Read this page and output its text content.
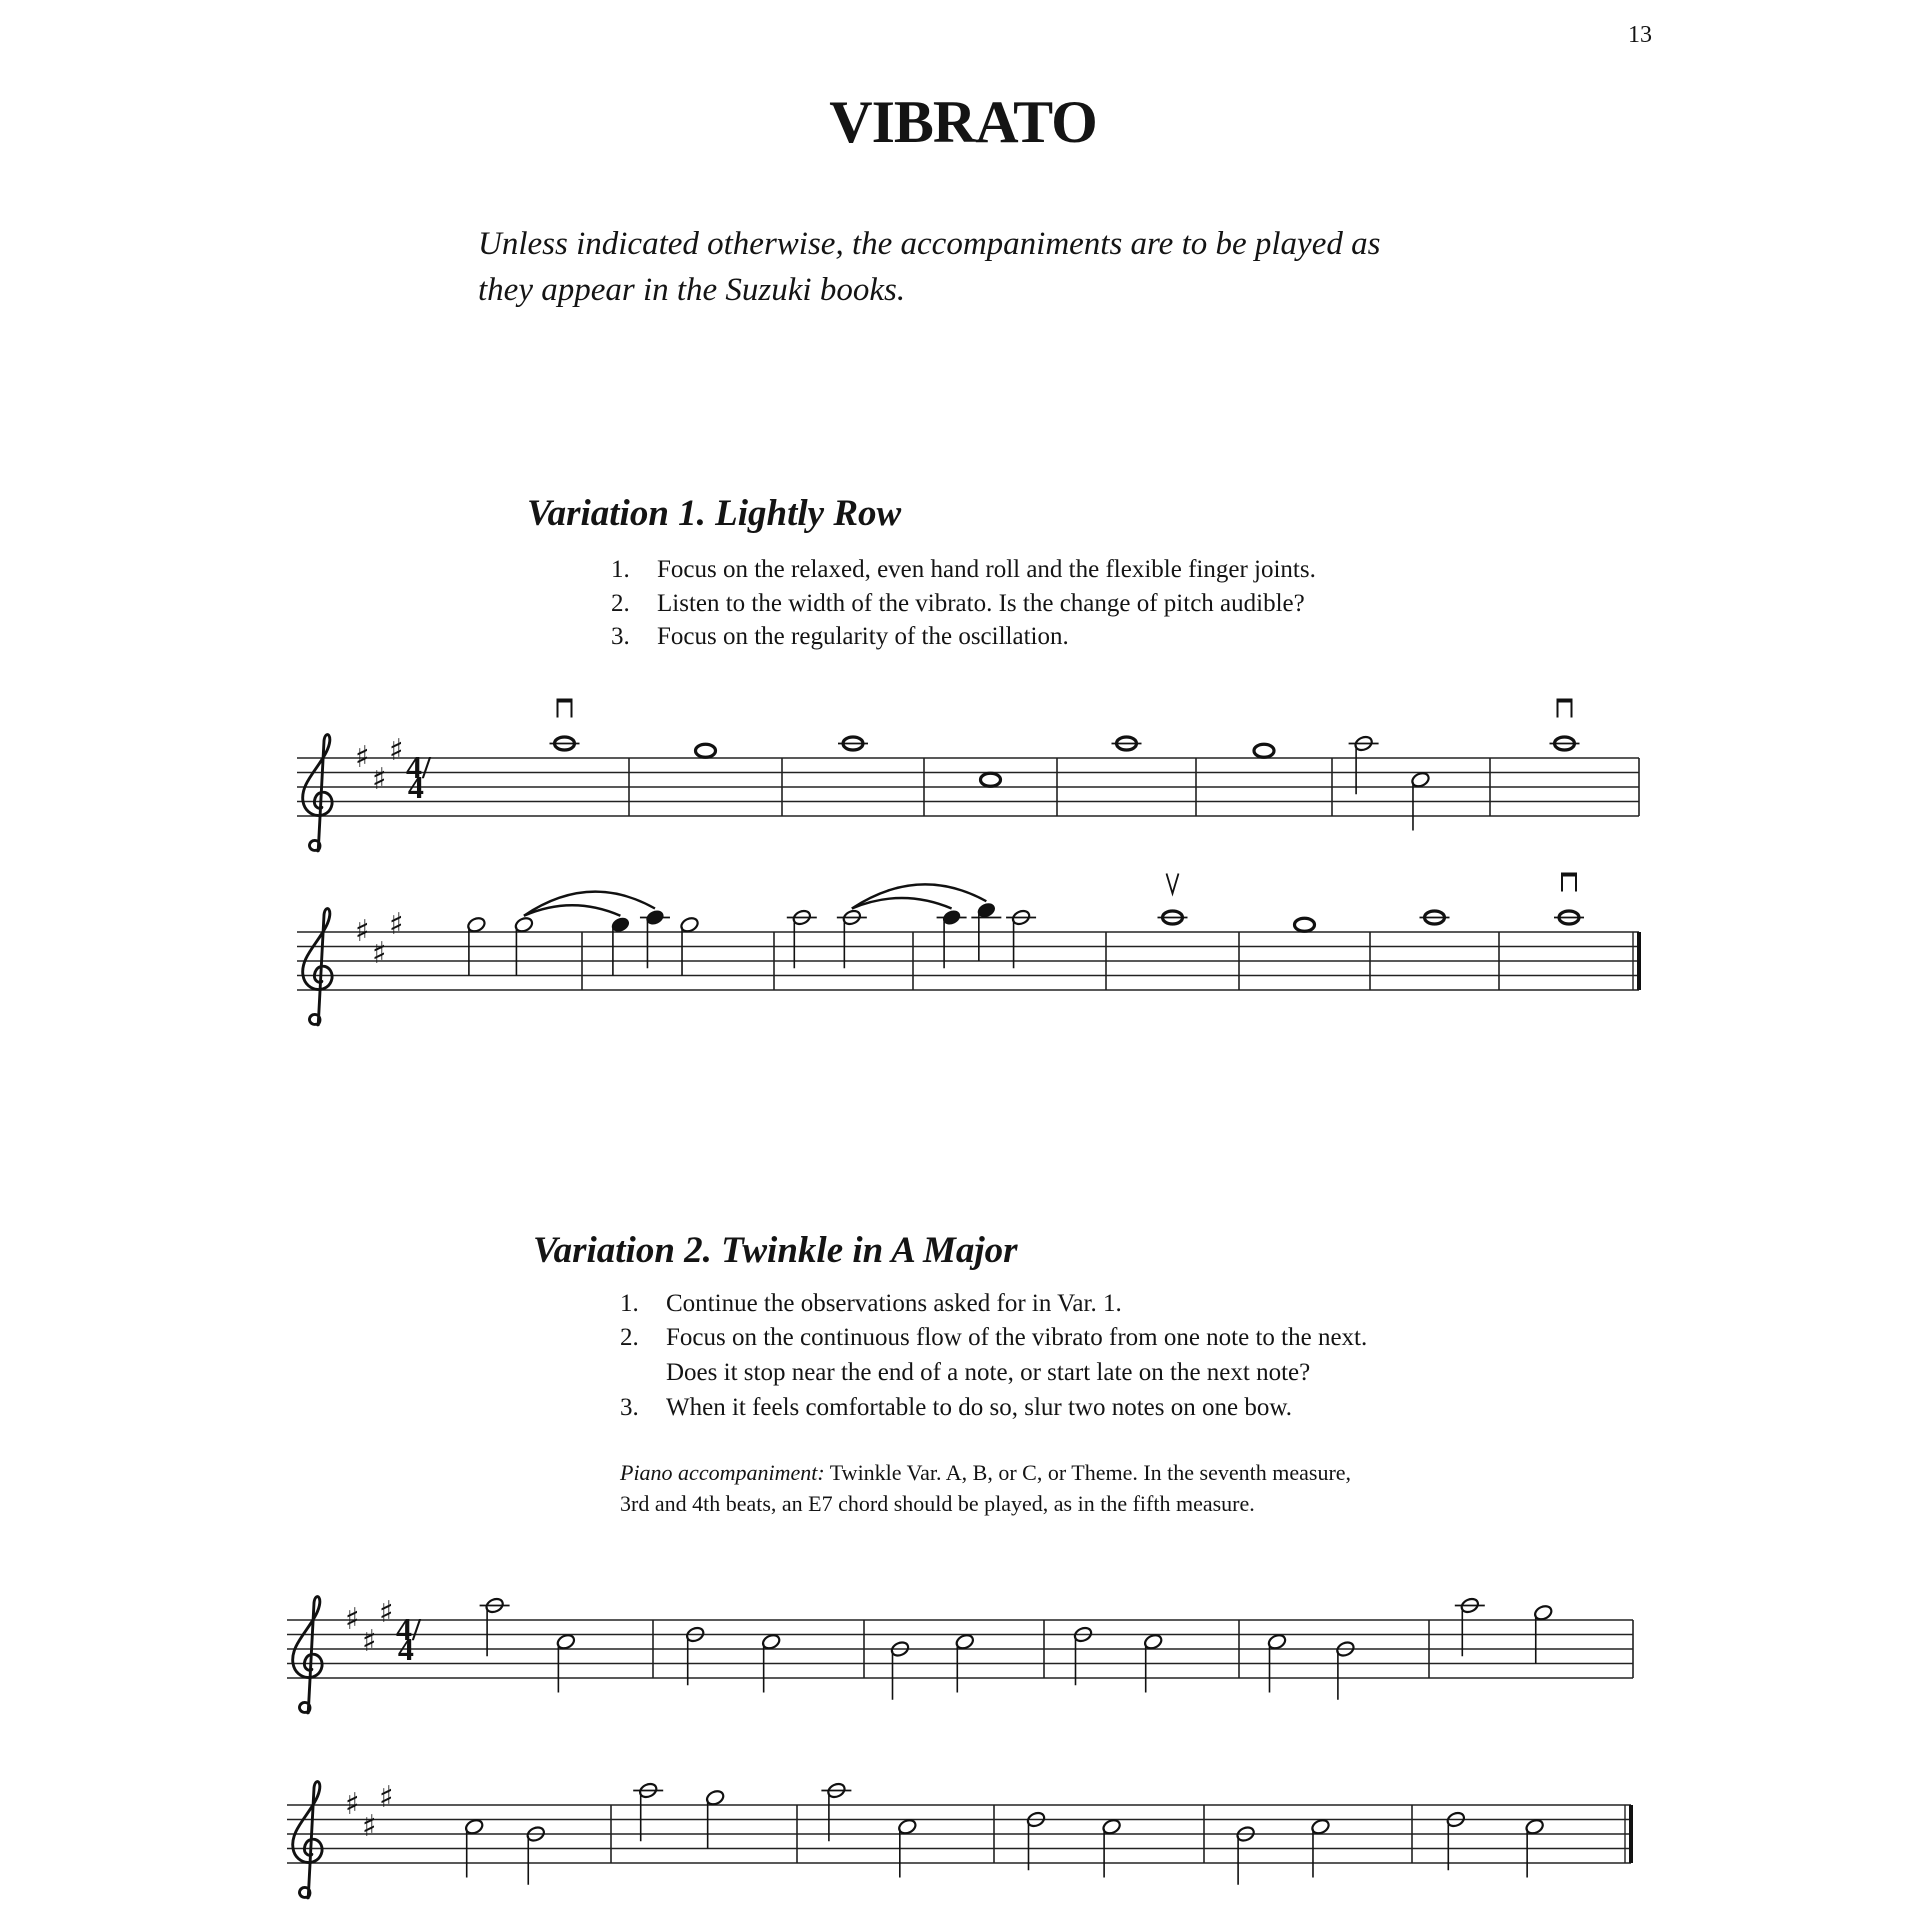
13
VIBRATO
Unless indicated otherwise, the accompaniments are to be played as
they appear in the Suzuki books.
Variation 1. Lightly Row
1. Focus on the relaxed, even hand roll and the flexible finger joints.
2. Listen to the width of the vibrato. Is the change of pitch audible?
3. Focus on the regularity of the oscillation.
Variation 2. Twinkle in A Major
1. Continue the observations asked for in Var. 1.
2. Focus on the continuous flow of the vibrato from one note to the next.
Does it stop near the end of a note, or start late on the next note?
3. When it feels comfortable to do so, slur two notes on one bow.
Piano accompaniment: Twinkle Var. A, B, or C, or Theme. In the seventh measure,
3rd and 4th beats, an E7 chord should be played, as in the fifth measure.
♯
♯
♯
♯
♯
♯
♯
♯
♯
♯
♯
♯
4/4
4/4
